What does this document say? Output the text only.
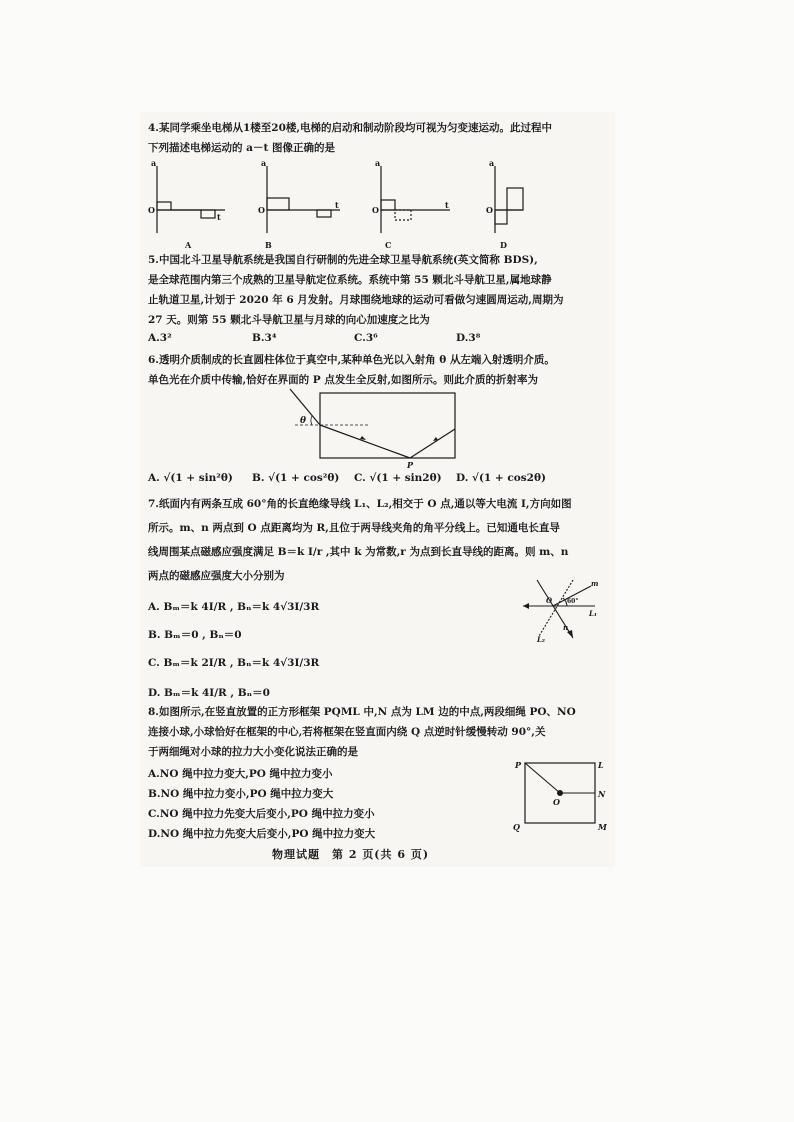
4.某同学乘坐电梯从1楼至20楼,电梯的启动和制动阶段均可视为匀变速运动。此过程中
下列描述电梯运动的 a－t 图像正确的是
a
O
t
A
a
O	t
B
a
O	t
C
a
O
D
5.中国北斗卫星导航系统是我国自行研制的先进全球卫星导航系统(英文简称 BDS),
是全球范围内第三个成熟的卫星导航定位系统。系统中第 55 颗北斗导航卫星,属地球静
止轨道卫星,计划于 2020 年 6 月发射。月球围绕地球的运动可看做匀速圆周运动,周期为
27 天。则第 55 颗北斗导航卫星与月球的向心加速度之比为
A.3²	B.3⁴	C.3⁶	D.3⁸
6.透明介质制成的长直圆柱体位于真空中,某种单色光以入射角 θ 从左端入射透明介质。
单色光在介质中传输,恰好在界面的 P 点发生全反射,如图所示。则此介质的折射率为
θ
P
A. √(1 + sin²θ) B. √(1 + cos²θ) C. √(1 + sin2θ) D. √(1 + cos2θ)
7.纸面内有两条互成 60°角的长直绝缘导线 L₁、L₂,相交于 O 点,通以等大电流 I,方向如图
所示。m、n 两点到 O 点距离均为 R,且位于两导线夹角的角平分线上。已知通电长直导
线周围某点磁感应强度满足 B＝k I/r ,其中 k 为常数,r 为点到长直导线的距离。则 m、n
两点的磁感应强度大小分别为
A. Bₘ＝k 4I/R , Bₙ＝k 4√3I/3R
B. Bₘ＝0 , Bₙ＝0
C. Bₘ＝k 2I/R , Bₙ＝k 4√3I/3R
D. Bₘ＝k 4I/R , Bₙ＝0
O
m
n
L₁
L₂
60°
8.如图所示,在竖直放置的正方形框架 PQML 中,N 点为 LM 边的中点,两段细绳 PO、NO
连接小球,小球恰好在框架的中心,若将框架在竖直面内绕 Q 点逆时针缓慢转动 90°,关
于两细绳对小球的拉力大小变化说法正确的是
A.NO 绳中拉力变大,PO 绳中拉力变小
B.NO 绳中拉力变小,PO 绳中拉力变大
C.NO 绳中拉力先变大后变小,PO 绳中拉力变小
D.NO 绳中拉力先变大后变小,PO 绳中拉力变大
P	L
N
O
Q	M
物理试题　第 2 页(共 6 页)
